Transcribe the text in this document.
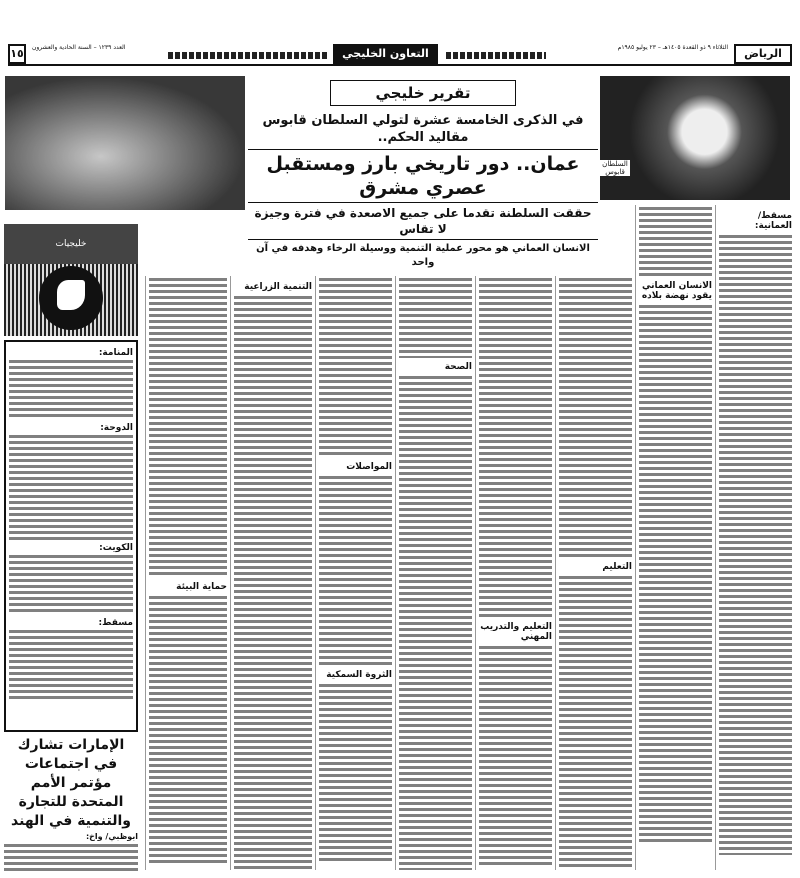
١٥	العدد ١٢٣٩ – السنة الحادية والعشرون	التعاون الخليجي	الثلاثاء ٩ ذو القعدة ١٤٠٥هـ – ٢٣ يوليو ١٩٨٥م	الرياض
السلطان قابوس
تقرير خليجي
في الذكرى الخامسة عشرة لتولي السلطان قابوس مقاليد الحكم..
عمان.. دور تاريخي بارز ومستقبل عصري مشرق
حققت السلطنة تقدما على جميع الاصعدة في فترة وجيزة لا تقاس
الانسان العماني هو محور عملية التنمية ووسيلة الرخاء وهدفه في آن واحد
مسقط/ العمانية:
الانسان العماني يقود نهضة بلاده
التعليم
التعليم والتدريب المهني
الصحة
المواصلات
الثروة السمكية
التنمية الزراعية
حماية البيئة
خليجيات
المنامة:
الدوحة:
الكويت:
مسقط:
الإمارات تشارك في اجتماعات مؤتمر الأمم المتحدة للتجارة والتنمية في الهند
ابوظبي/ واخ:
